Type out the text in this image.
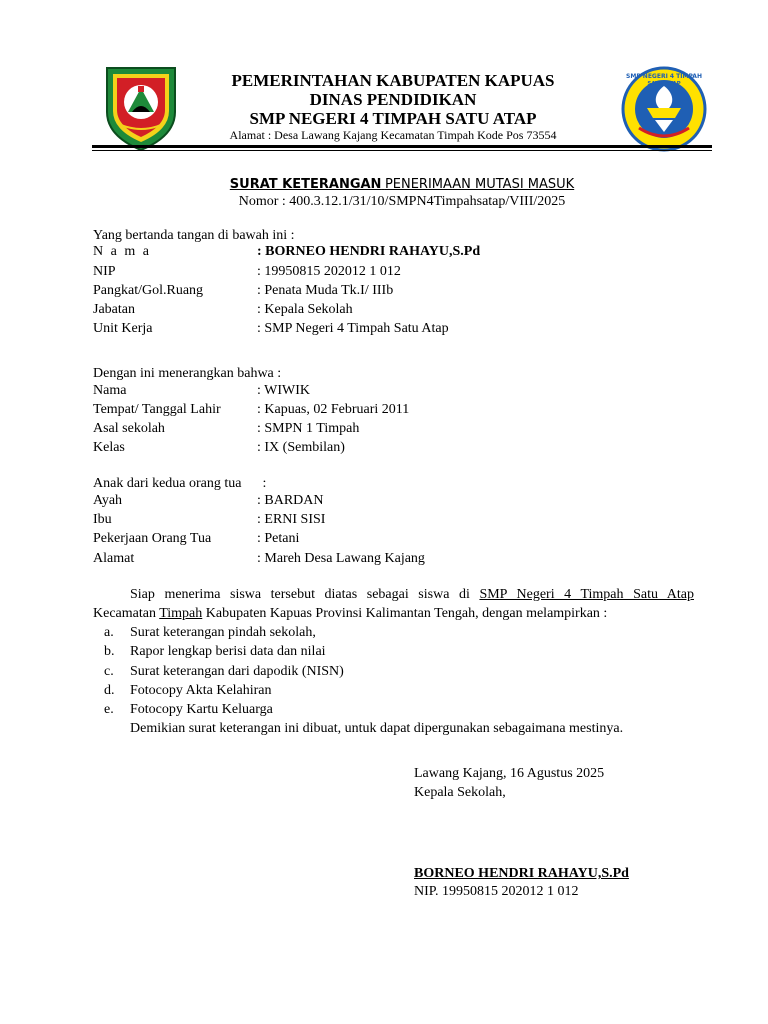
SMP NEGERI 4 TIMPAH
SATU ATAP
PEMERINTAHAN KABUPATEN KAPUAS
DINAS PENDIDIKAN
SMP NEGERI 4 TIMPAH SATU ATAP
Alamat : Desa Lawang Kajang Kecamatan Timpah Kode Pos 73554
SURAT KETERANGAN PENERIMAAN MUTASI MASUK
Nomor : 400.3.12.1/31/10/SMPN4Timpahsatap/VIII/2025
Yang bertanda tangan di bawah ini :
N a m a	: BORNEO HENDRI RAHAYU,S.Pd
NIP	: 19950815 202012 1 012
Pangkat/Gol.Ruang	: Penata Muda Tk.I/ IIIb
Jabatan	: Kepala Sekolah
Unit Kerja	: SMP Negeri 4 Timpah Satu Atap
Dengan ini menerangkan bahwa :
Nama	: WIWIK
Tempat/ Tanggal Lahir	: Kapuas, 02 Februari 2011
Asal sekolah	: SMPN 1 Timpah
Kelas	: IX (Sembilan)
Anak dari kedua orang tua      :
Ayah	: BARDAN
Ibu	: ERNI SISI
Pekerjaan Orang Tua	: Petani
Alamat	: Mareh Desa Lawang Kajang

Siap menerima siswa tersebut diatas sebagai siswa di SMP Negeri 4 Timpah Satu Atap

Kecamatan Timpah Kabupaten Kapuas Provinsi Kalimantan Tengah, dengan melampirkan :

a. Surat keterangan pindah sekolah,
b. Rapor lengkap berisi data dan nilai
c. Surat keterangan dari dapodik (NISN)
d. Fotocopy Akta Kelahiran
e. Fotocopy Kartu Keluarga
Demikian surat keterangan ini dibuat, untuk dapat dipergunakan sebagaimana mestinya.
Lawang Kajang, 16 Agustus 2025
Kepala Sekolah,
BORNEO HENDRI RAHAYU,S.Pd
NIP. 19950815 202012 1 012
